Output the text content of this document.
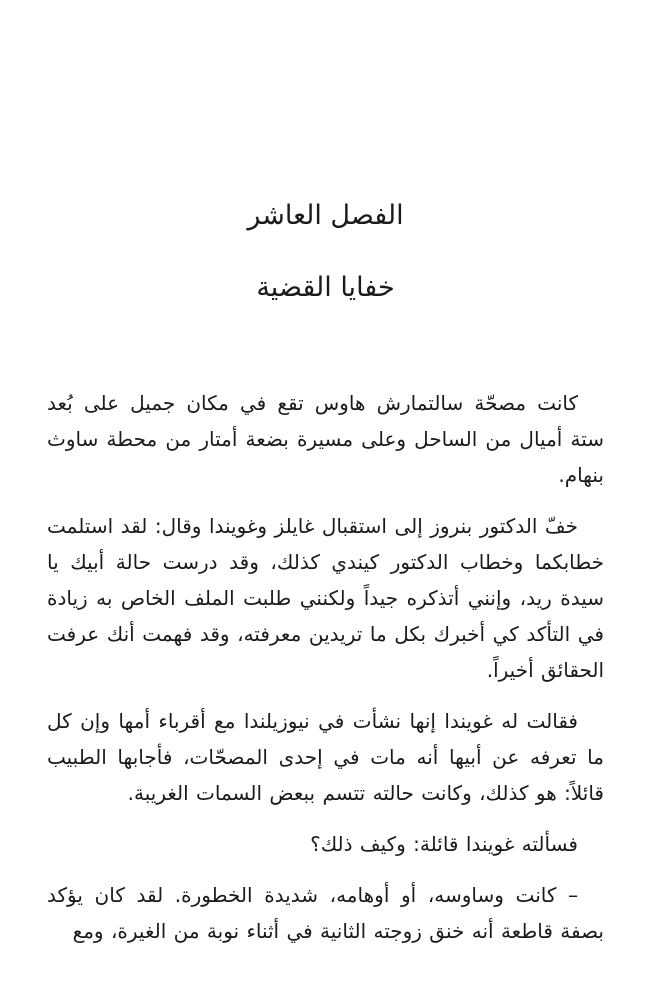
الفصل العاشر
خفايا القضية

كانت مصحّة سالتمارش هاوس تقع في مكان جميل على بُعد ستة أميال من الساحل وعلى مسيرة بضعة أمتار من محطة ساوث بنهام.

خفّ الدكتور بنروز إلى استقبال غايلز وغويندا وقال: لقد استلمت خطابكما وخطاب الدكتور كيندي كذلك، وقد درست حالة أبيك يا سيدة ريد، وإنني أتذكره جيداً ولكنني طلبت الملف الخاص به زيادة في التأكد كي أخبرك بكل ما تريدين معرفته، وقد فهمت أنك عرفت الحقائق أخيراً.

فقالت له غويندا إنها نشأت في نيوزيلندا مع أقرباء أمها وإن كل ما تعرفه عن أبيها أنه مات في إحدى المصحّات، فأجابها الطبيب قائلاً: هو كذلك، وكانت حالته تتسم ببعض السمات الغريبة.

فسألته غويندا قائلة: وكيف ذلك؟

– كانت وساوسه، أو أوهامه، شديدة الخطورة. لقد كان يؤكد بصفة قاطعة أنه خنق زوجته الثانية في أثناء نوبة من الغيرة، ومع
